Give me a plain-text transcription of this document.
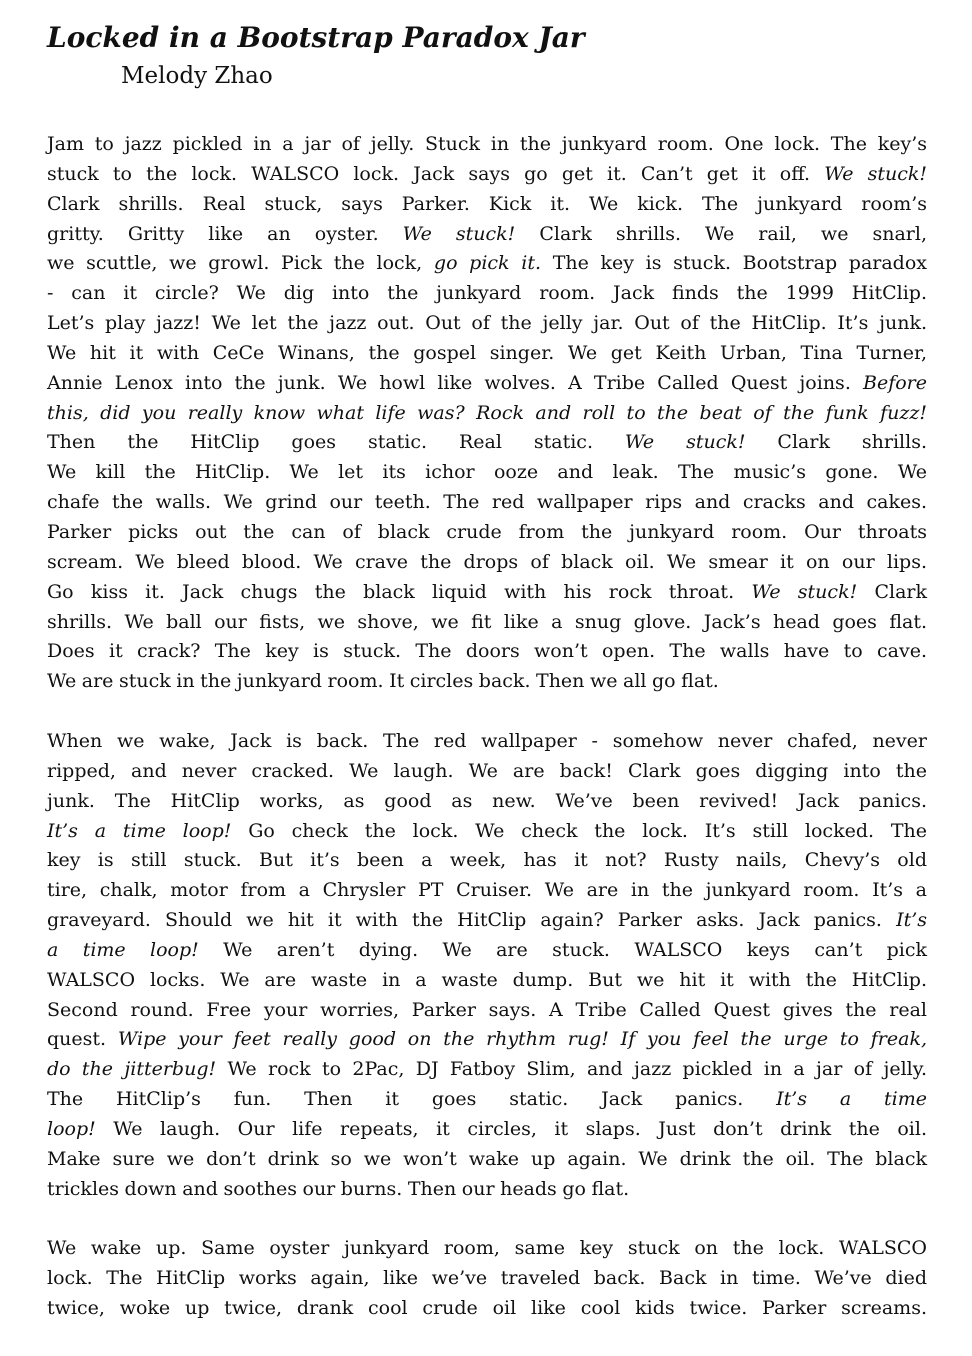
Locked in a Bootstrap Paradox Jar
Melody Zhao
Jam to jazz pickled in a jar of jelly. Stuck in the junkyard room. One lock. The key’s
stuck to the lock. WALSCO lock. Jack says go get it. Can’t get it off. We stuck!
Clark shrills. Real stuck, says Parker. Kick it. We kick. The junkyard room’s
gritty. Gritty like an oyster. We stuck! Clark shrills. We rail, we snarl,
we scuttle, we growl. Pick the lock, go pick it. The key is stuck. Bootstrap paradox
- can it circle? We dig into the junkyard room. Jack finds the 1999 HitClip.
Let’s play jazz! We let the jazz out. Out of the jelly jar. Out of the HitClip. It’s junk.
We hit it with CeCe Winans, the gospel singer. We get Keith Urban, Tina Turner,
Annie Lenox into the junk. We howl like wolves. A Tribe Called Quest joins. Before
this, did you really know what life was? Rock and roll to the beat of the funk fuzz!
Then the HitClip goes static. Real static. We stuck! Clark shrills.
We kill the HitClip. We let its ichor ooze and leak. The music’s gone. We
chafe the walls. We grind our teeth. The red wallpaper rips and cracks and cakes.
Parker picks out the can of black crude from the junkyard room. Our throats
scream. We bleed blood. We crave the drops of black oil. We smear it on our lips.
Go kiss it. Jack chugs the black liquid with his rock throat. We stuck! Clark
shrills. We ball our fists, we shove, we fit like a snug glove. Jack’s head goes flat.
Does it crack? The key is stuck. The doors won’t open. The walls have to cave.
We are stuck in the junkyard room. It circles back. Then we all go flat.
When we wake, Jack is back. The red wallpaper - somehow never chafed, never
ripped, and never cracked. We laugh. We are back! Clark goes digging into the
junk. The HitClip works, as good as new. We’ve been revived! Jack panics.
It’s a time loop! Go check the lock. We check the lock. It’s still locked. The
key is still stuck. But it’s been a week, has it not? Rusty nails, Chevy’s old
tire, chalk, motor from a Chrysler PT Cruiser. We are in the junkyard room. It’s a
graveyard. Should we hit it with the HitClip again? Parker asks. Jack panics. It’s
a time loop! We aren’t dying. We are stuck. WALSCO keys can’t pick
WALSCO locks. We are waste in a waste dump. But we hit it with the HitClip.
Second round. Free your worries, Parker says. A Tribe Called Quest gives the real
quest. Wipe your feet really good on the rhythm rug! If you feel the urge to freak,
do the jitterbug! We rock to 2Pac, DJ Fatboy Slim, and jazz pickled in a jar of jelly.
The HitClip’s fun. Then it goes static. Jack panics. It’s a time
loop! We laugh. Our life repeats, it circles, it slaps. Just don’t drink the oil.
Make sure we don’t drink so we won’t wake up again. We drink the oil. The black
trickles down and soothes our burns. Then our heads go flat.
We wake up. Same oyster junkyard room, same key stuck on the lock. WALSCO
lock. The HitClip works again, like we’ve traveled back. Back in time. We’ve died
twice, woke up twice, drank cool crude oil like cool kids twice. Parker screams.
